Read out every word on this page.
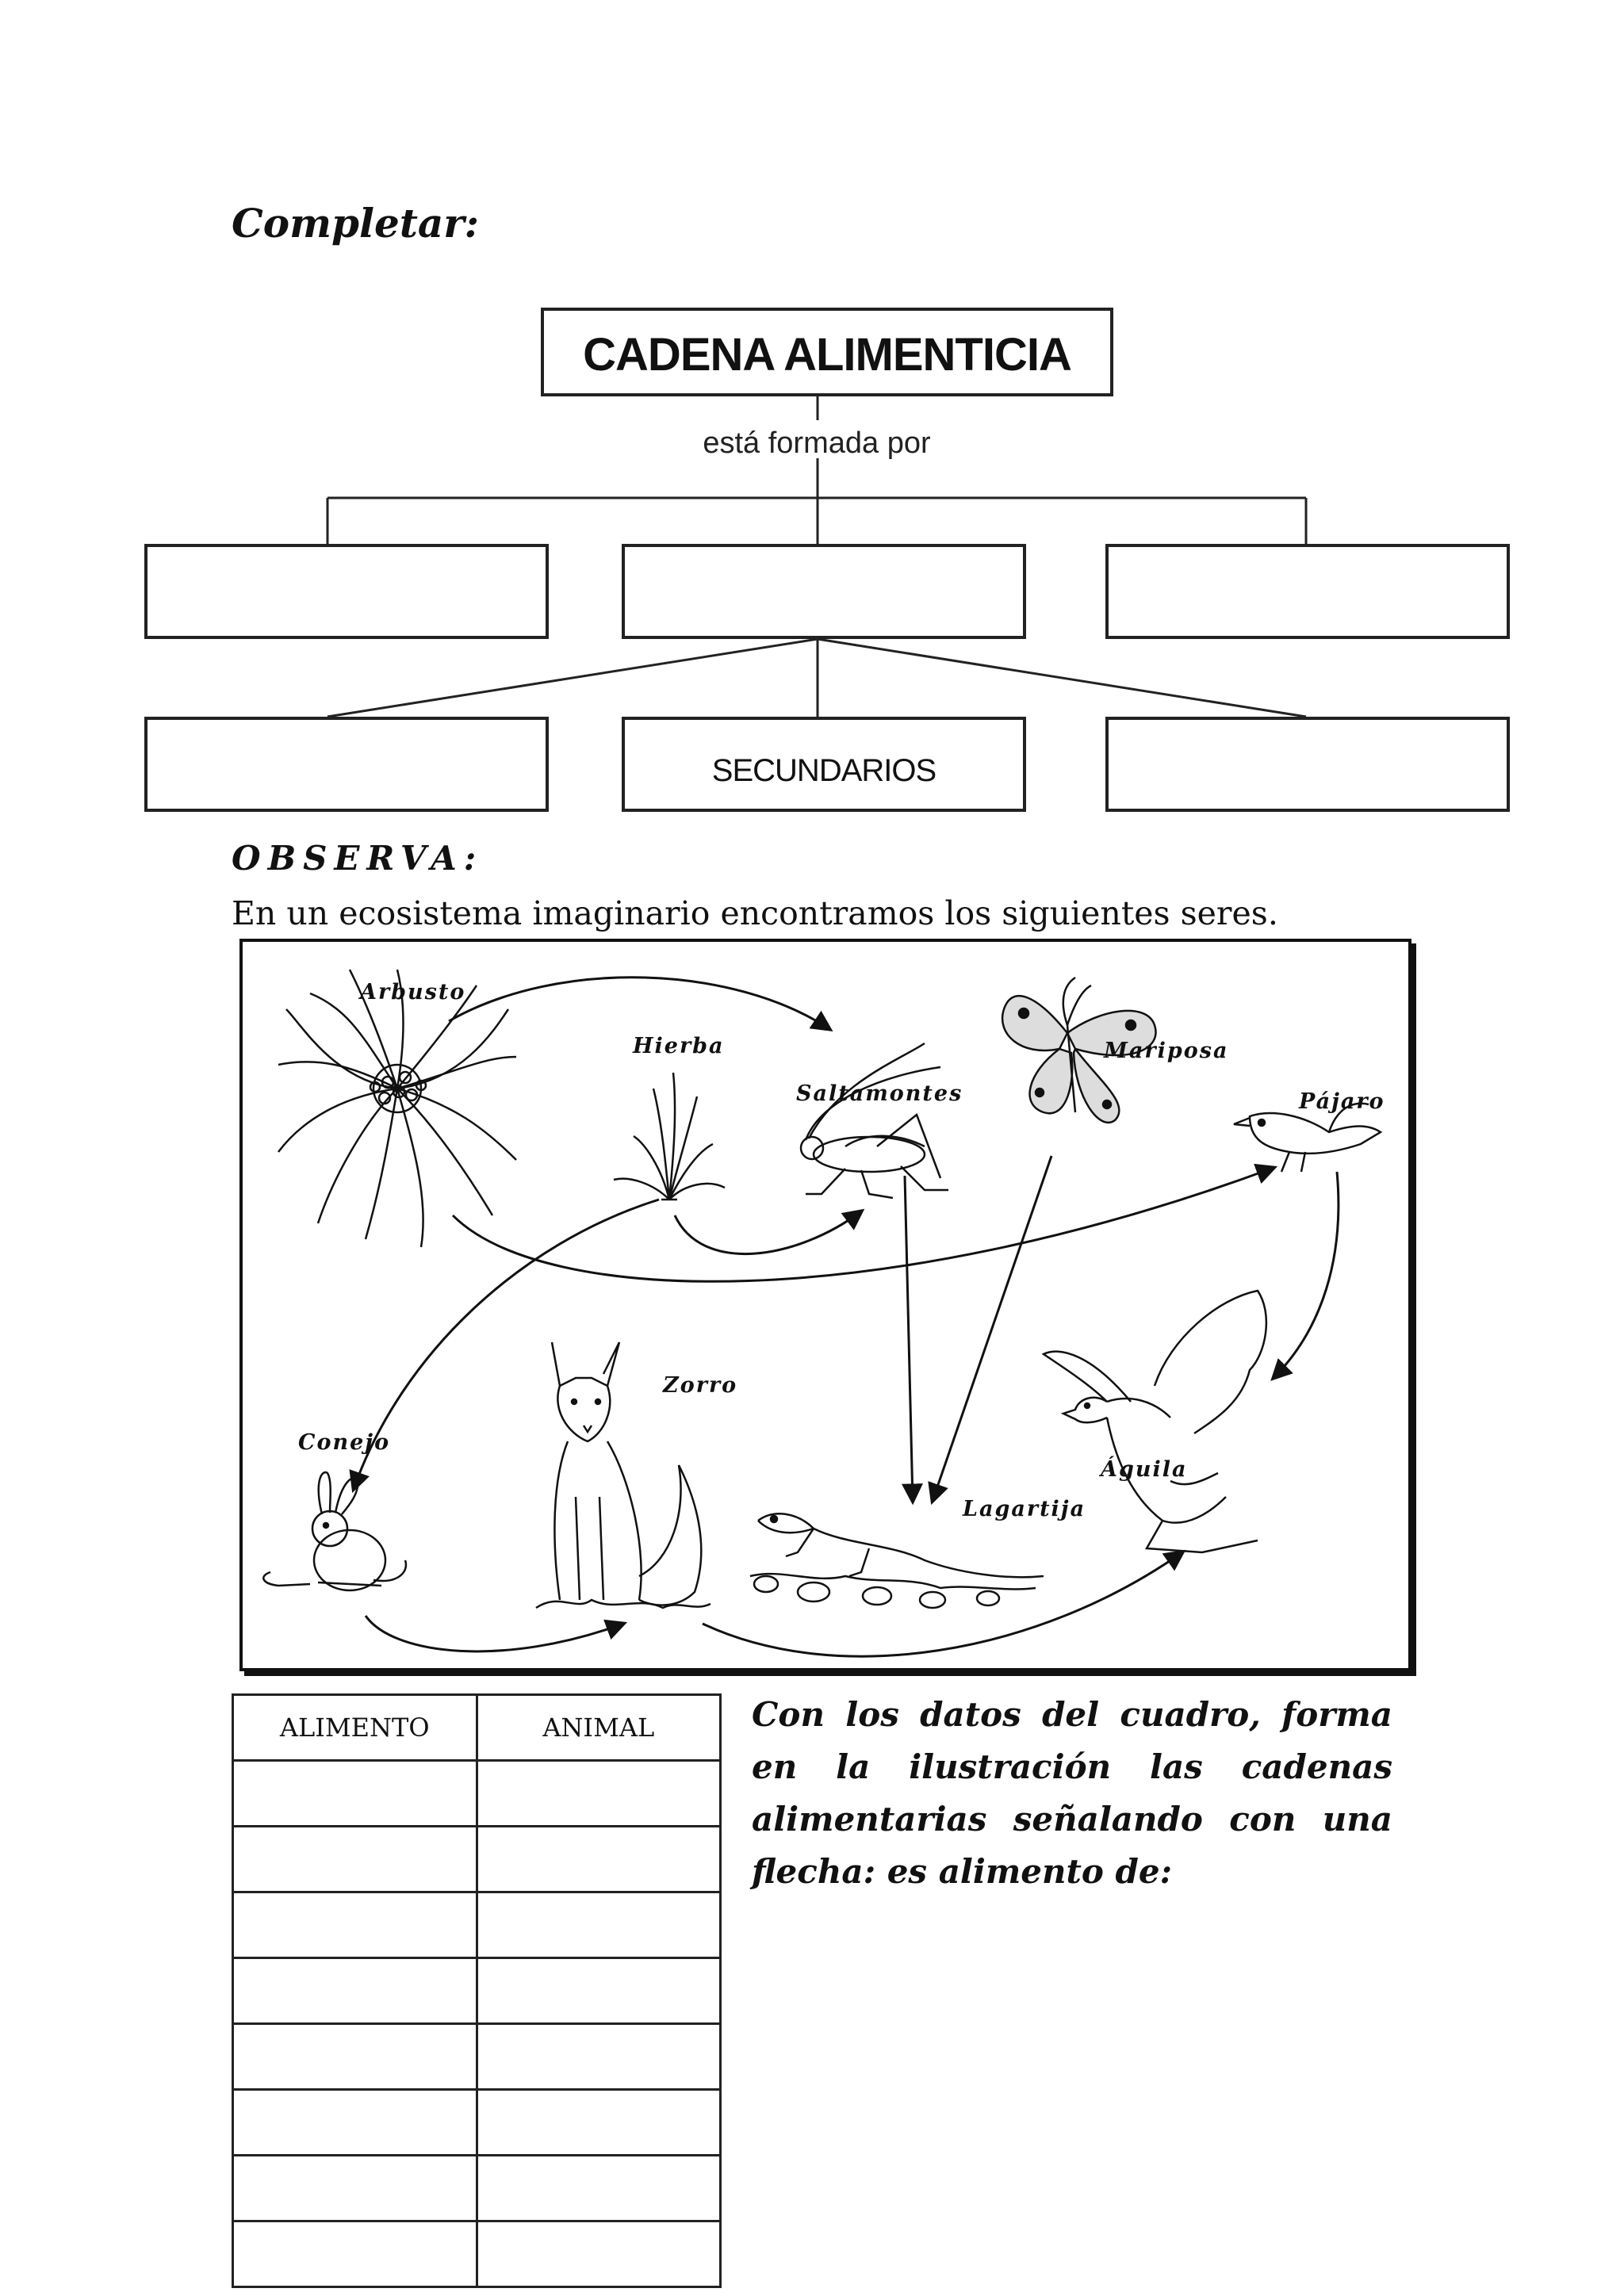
Completar:
CADENA ALIMENTICIA
está formada por
SECUNDARIOS
OBSERVA:
En un ecosistema imaginario encontramos los siguientes seres.
Arbusto
Hierba
Saltamontes
Mariposa
Pájaro
Zorro
Conejo
Águila
Lagartija
ALIMENTO	ANIMAL

		Con los datos del cuadro, forma en la ilustración las cadenas alimentarias señalando con una flecha: es alimento de:
